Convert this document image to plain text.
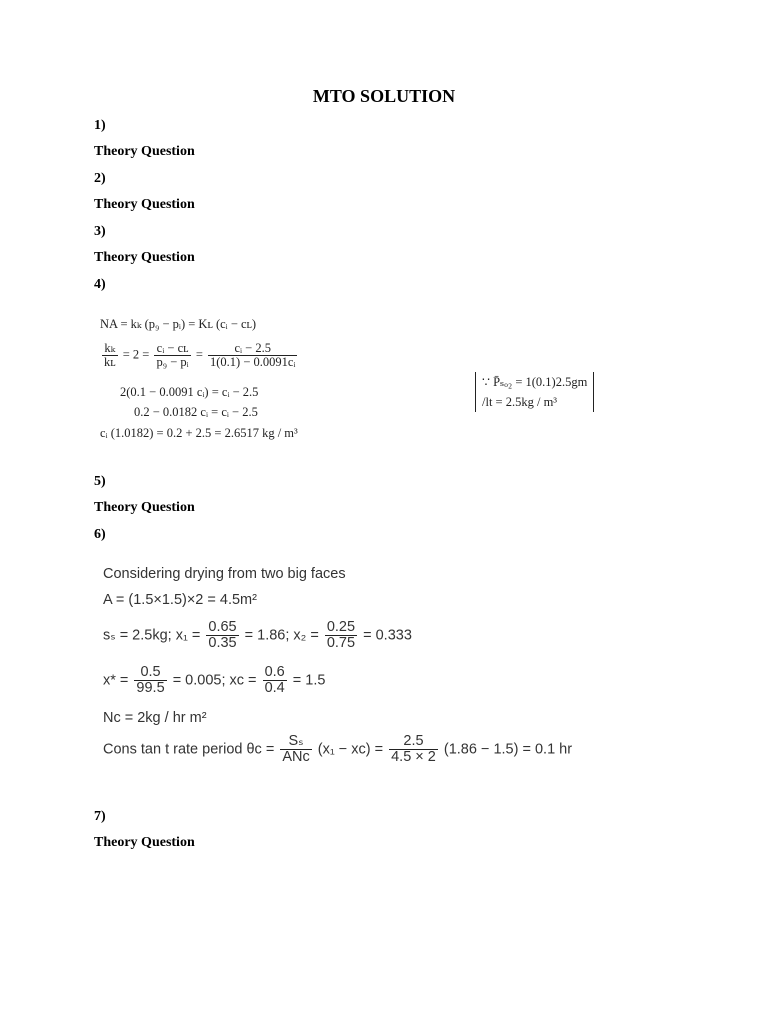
MTO SOLUTION
1)
Theory Question
2)
Theory Question
3)
Theory Question
4)
NA = kₖ (p₉ − pᵢ) = Kʟ (cᵢ − cʟ)
$\frac{\text{kₖ}}{\text{kʟ}} = 2 = \frac{\text{cᵢ − cʟ}}{\text{p₉ − pᵢ}} = \frac{\text{cᵢ − 2.5}}{\text{1(0.1) − 0.0091cᵢ}}$
2(0.1 − 0.0091 cᵢ) = cᵢ − 2.5
0.2 − 0.0182 cᵢ = cᵢ − 2.5
cᵢ (1.0182) = 0.2 + 2.5 = 2.6517 kg / m³
∵ P̄ₛₒ₂ = 1(0.1)2.5gm
/lt = 2.5kg / m³
5)
Theory Question
6)
Considering drying from two big faces
A = (1.5×1.5)×2 = 4.5m²
sₛ = 2.5kg; $x_1 = \frac{0.65}{0.35} = 1.86$; $x_2 = \frac{0.25}{0.75} = 0.333$
$x* = \frac{0.5}{99.5} = 0.005$; xᴄ = $\frac{0.6}{0.4} = 1.5$
Nᴄ = 2kg / hr m²
Cons tan t rate period θᴄ = $\frac{\text{Sₛ}}{\text{ANᴄ}} (x_1$ − xᴄ) = $\frac{2.5}{4.5 \times 2} (1.86 - 1.5) = 0.1$ hr
7)
Theory Question
